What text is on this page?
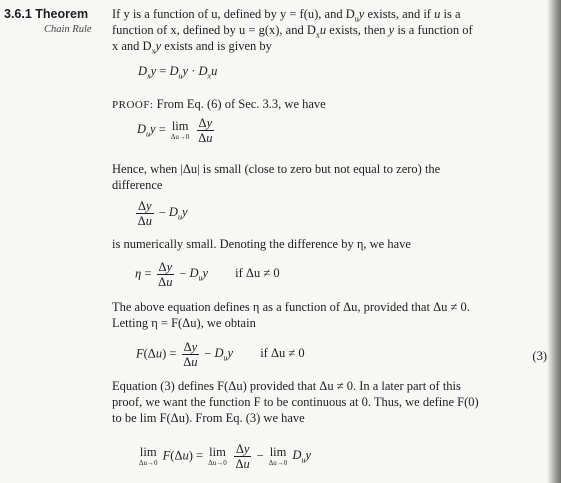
3.6.1 Theorem
Chain Rule
If y is a function of u, defined by y = f(u), and $D_uy$ exists, and if u is a
function of x, defined by u = g(x), and $D_xu$ exists, then y is a function of
x and $D_xy$ exists and is given by
$D_xy = D_uy \cdot D_xu$
PROOF: From Eq. (6) of Sec. 3.3, we have
$D_uy = \lim$
Δu→0
$\frac{\Delta y}{\Delta u}$
Hence, when |Δu| is small (close to zero but not equal to zero) the
difference
$\frac{\Delta y}{\Delta u} - D_uy$
is numerically small. Denoting the difference by η, we have
$\eta = \frac{\Delta y}{\Delta u} - D_uy$ if Δu ≠ 0
The above equation defines η as a function of Δu, provided that Δu ≠ 0.
Letting η = F(Δu), we obtain
$F(\Delta u) = \frac{\Delta y}{\Delta u} - D_uy$ if Δu ≠ 0	(3)
Equation (3) defines F(Δu) provided that Δu ≠ 0. In a later part of this
proof, we want the function F to be continuous at 0. Thus, we define F(0)
to be lim F(Δu). From Eq. (3) we have
lim
Δu→0
F(Δu) = lim
Δu→0
$\frac{\Delta y}{\Delta u} - \lim$
Δu→0
$D_uy$
